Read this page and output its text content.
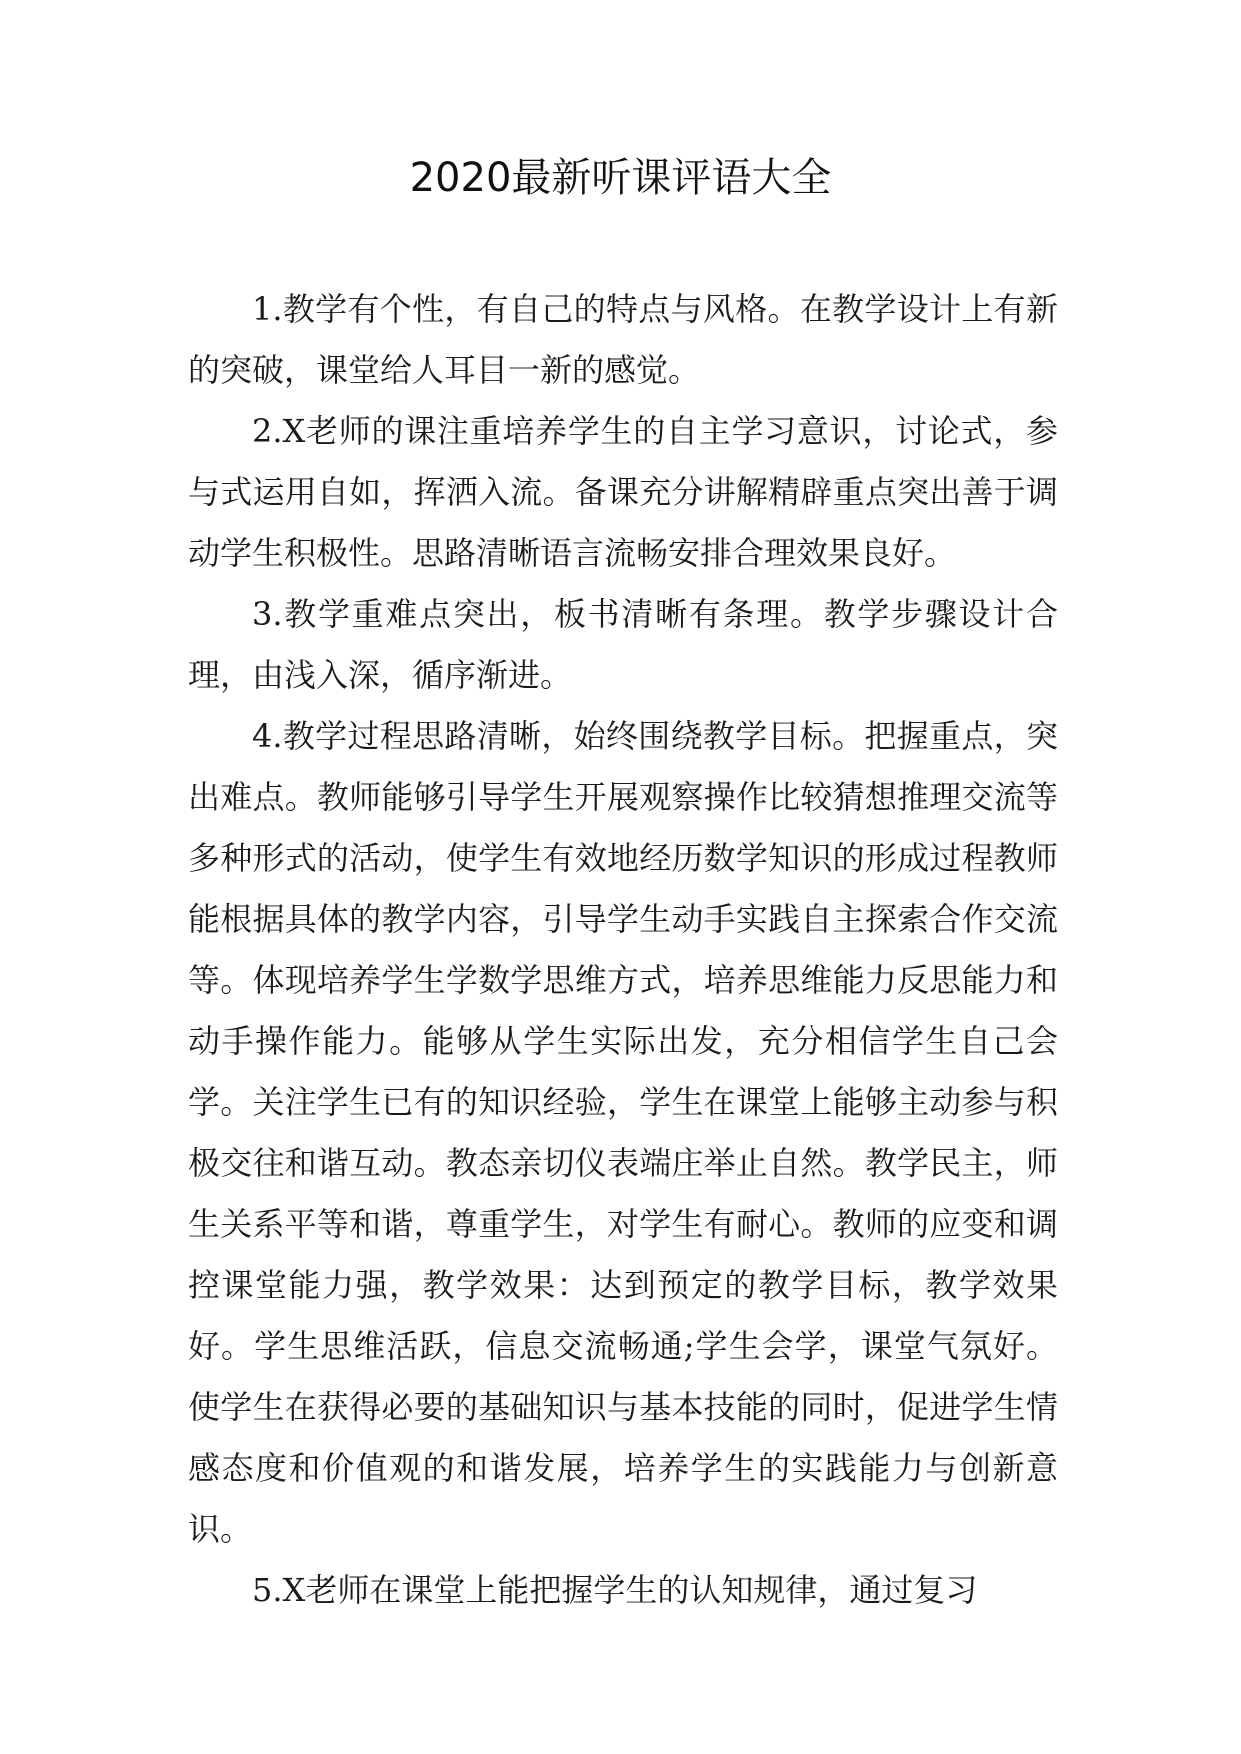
2020最新听课评语大全

1.教学有个性，有自己的特点与风格。在教学设计上有新的突破，课堂给人耳目一新的感觉。

2.X老师的课注重培养学生的自主学习意识，讨论式，参与式运用自如，挥洒入流。备课充分讲解精辟重点突出善于调动学生积极性。思路清晰语言流畅安排合理效果良好。

3.教学重难点突出，板书清晰有条理。教学步骤设计合理，由浅入深，循序渐进。

4.教学过程思路清晰，始终围绕教学目标。把握重点，突出难点。教师能够引导学生开展观察操作比较猜想推理交流等多种形式的活动，使学生有效地经历数学知识的形成过程教师能根据具体的教学内容，引导学生动手实践自主探索合作交流等。体现培养学生学数学思维方式，培养思维能力反思能力和动手操作能力。能够从学生实际出发，充分相信学生自己会学。关注学生已有的知识经验，学生在课堂上能够主动参与积极交往和谐互动。教态亲切仪表端庄举止自然。教学民主，师生关系平等和谐，尊重学生，对学生有耐心。教师的应变和调控课堂能力强，教学效果：达到预定的教学目标，教学效果好。学生思维活跃，信息交流畅通;学生会学，课堂气氛好。使学生在获得必要的基础知识与基本技能的同时，促进学生情感态度和价值观的和谐发展，培养学生的实践能力与创新意识。

5.X老师在课堂上能把握学生的认知规律，通过复习
